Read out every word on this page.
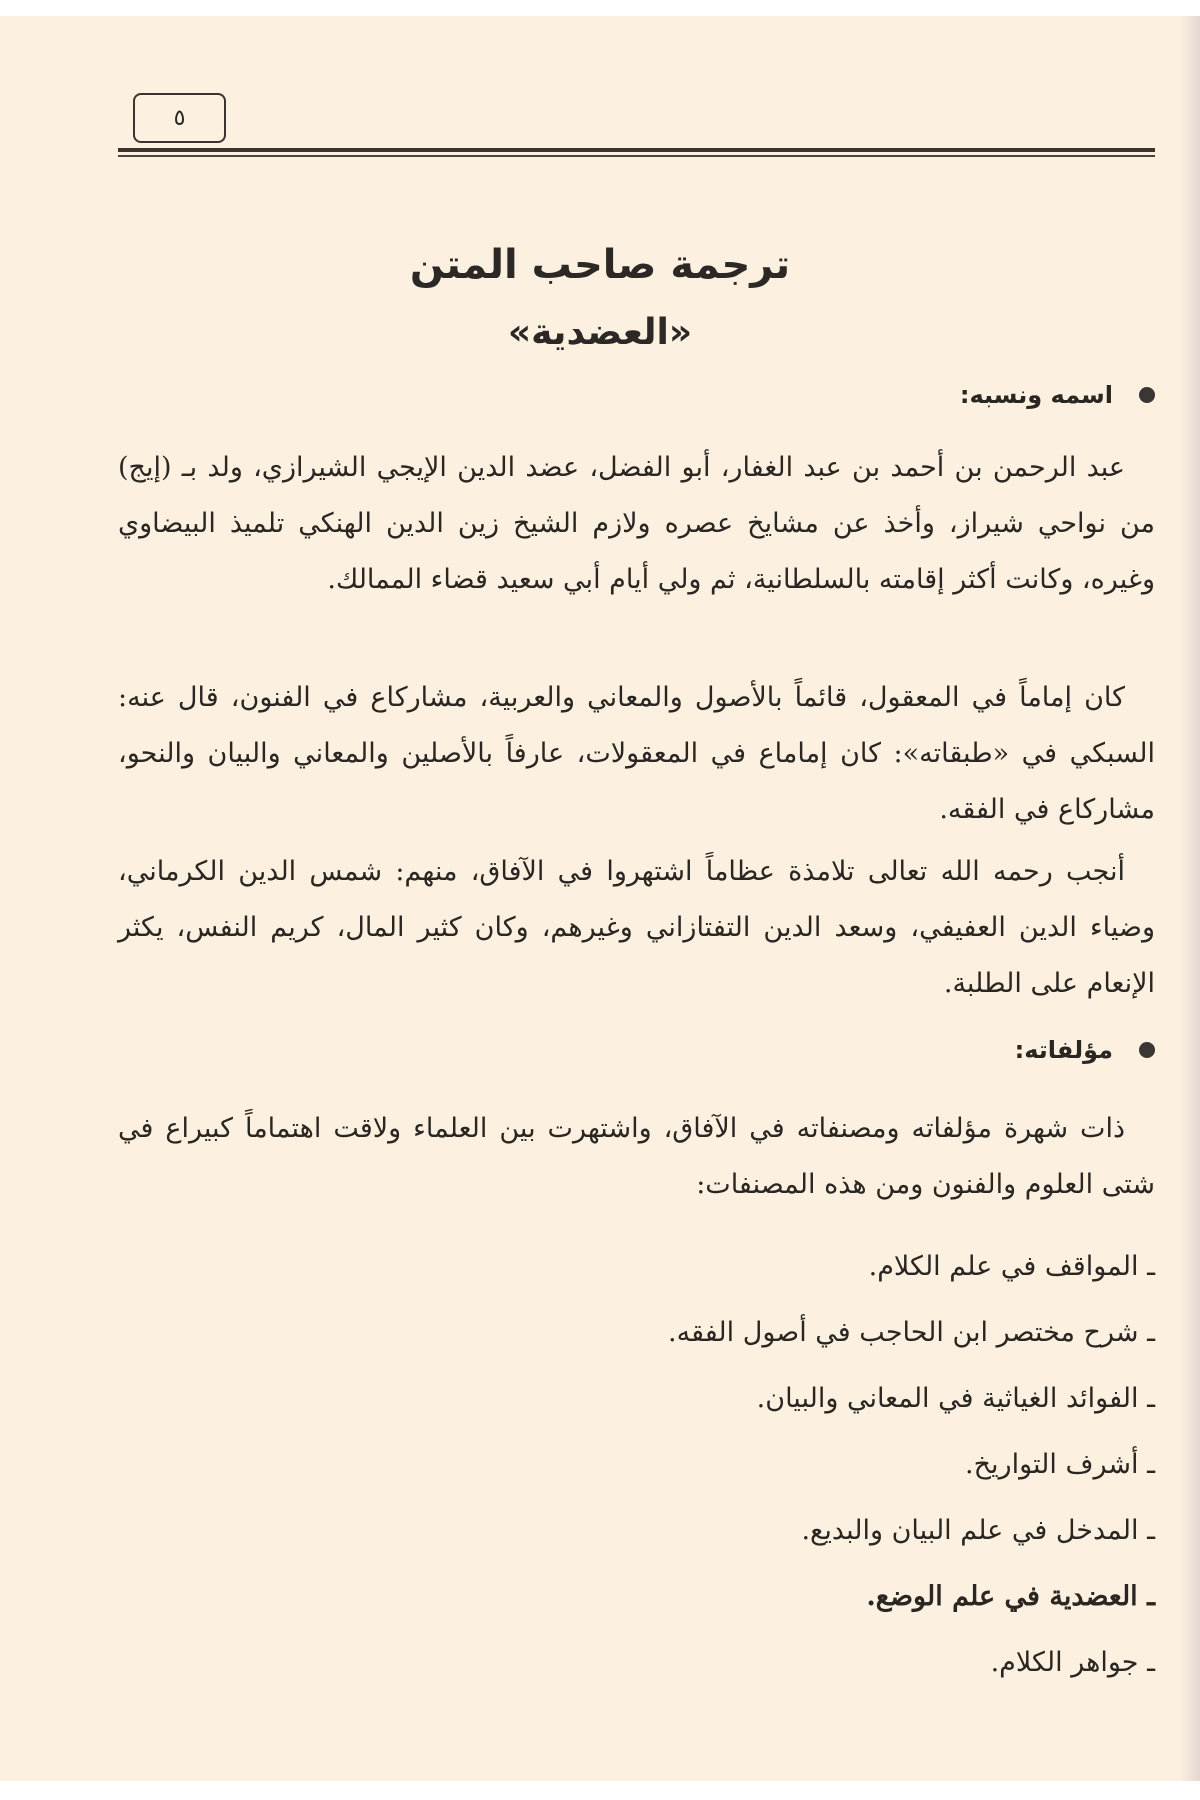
٥
ترجمة صاحب المتن
«العضدية»
اسمه ونسبه:

عبد الرحمن بن أحمد بن عبد الغفار، أبو الفضل، عضد الدين الإيجي الشيرازي، ولد بـ (إيج) من نواحي شيراز، وأخذ عن مشايخ عصره ولازم الشيخ زين الدين الهنكي تلميذ البيضاوي وغيره، وكانت أكثر إقامته بالسلطانية، ثم ولي أيام أبي سعيد قضاء الممالك.

كان إماماً في المعقول، قائماً بالأصول والمعاني والعربية، مشاركاع في الفنون، قال عنه: السبكي في «طبقاته»: كان إماماع في المعقولات، عارفاً بالأصلين والمعاني والبيان والنحو، مشاركاع في الفقه.

أنجب رحمه الله تعالى تلامذة عظاماً اشتهروا في الآفاق، منهم: شمس الدين الكرماني، وضياء الدين العفيفي، وسعد الدين التفتازاني وغيرهم، وكان كثير المال، كريم النفس، يكثر الإنعام على الطلبة.

مؤلفاته:

ذات شهرة مؤلفاته ومصنفاته في الآفاق، واشتهرت بين العلماء ولاقت اهتماماً كبيراع في شتى العلوم والفنون ومن هذه المصنفات:

ـ المواقف في علم الكلام.
ـ شرح مختصر ابن الحاجب في أصول الفقه.
ـ الفوائد الغياثية في المعاني والبيان.
ـ أشرف التواريخ.
ـ المدخل في علم البيان والبديع.
ـ العضدية في علم الوضع.
ـ جواهر الكلام.
